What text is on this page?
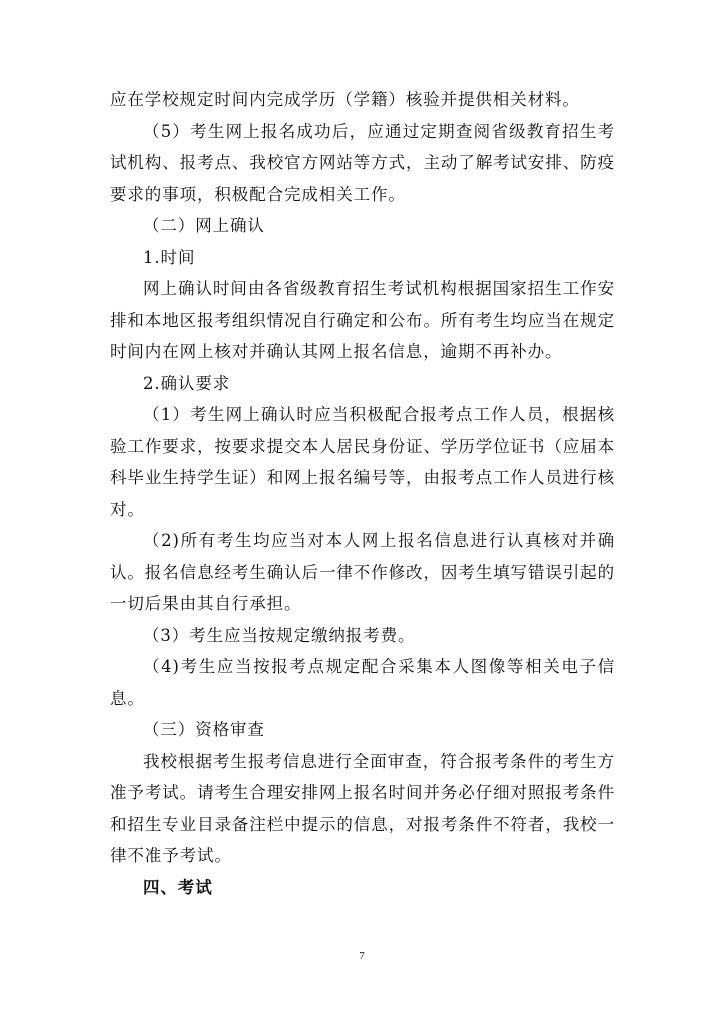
应在学校规定时间内完成学历（学籍）核验并提供相关材料。

（5）考生网上报名成功后，应通过定期查阅省级教育招生考试机构、报考点、我校官方网站等方式，主动了解考试安排、防疫要求的事项，积极配合完成相关工作。

（二）网上确认

1.时间

网上确认时间由各省级教育招生考试机构根据国家招生工作安排和本地区报考组织情况自行确定和公布。所有考生均应当在规定时间内在网上核对并确认其网上报名信息，逾期不再补办。

2.确认要求

（1）考生网上确认时应当积极配合报考点工作人员，根据核验工作要求，按要求提交本人居民身份证、学历学位证书（应届本科毕业生持学生证）和网上报名编号等，由报考点工作人员进行核对。

（2)所有考生均应当对本人网上报名信息进行认真核对并确认。报名信息经考生确认后一律不作修改，因考生填写错误引起的一切后果由其自行承担。

（3）考生应当按规定缴纳报考费。

（4)考生应当按报考点规定配合采集本人图像等相关电子信息。

（三）资格审查

我校根据考生报考信息进行全面审查，符合报考条件的考生方准予考试。请考生合理安排网上报名时间并务必仔细对照报考条件和招生专业目录备注栏中提示的信息，对报考条件不符者，我校一律不准予考试。

四、考试

7
